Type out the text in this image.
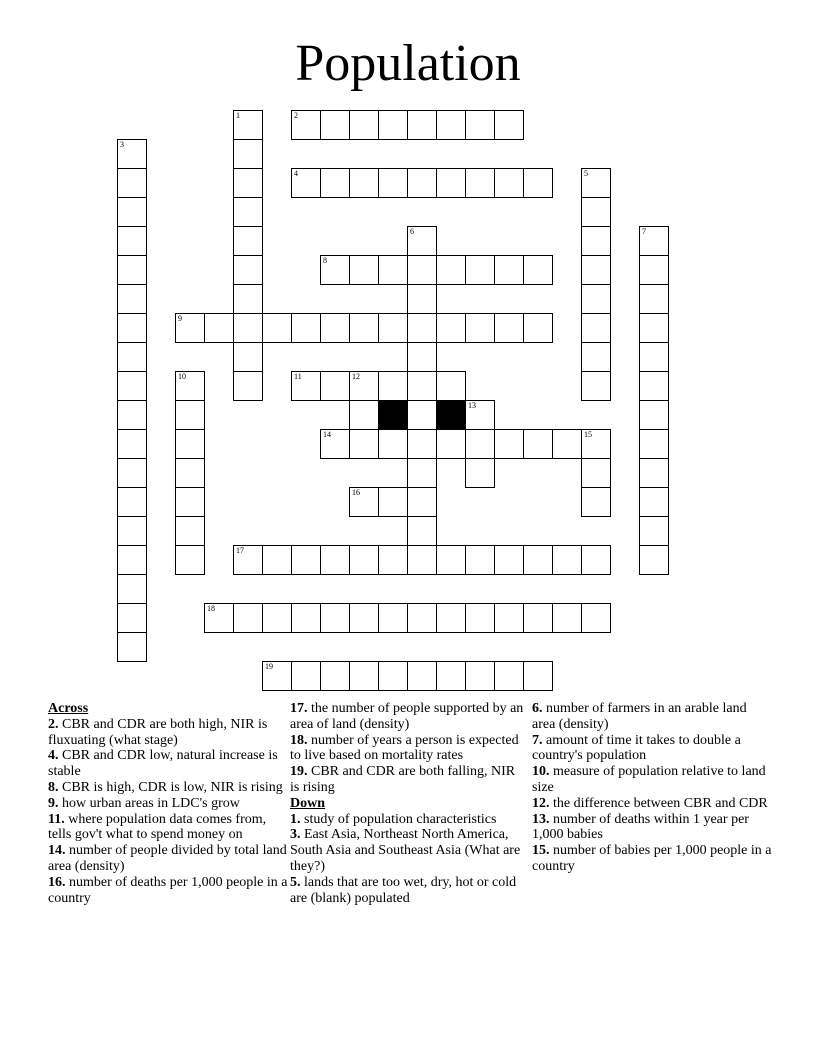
Population
2
4
8
9
11	12
14	15
16
17
18
19
1
3
5
6	7
10
13
Across
2. CBR and CDR are both high, NIR is fluxuating (what stage)
4. CBR and CDR low, natural increase is stable
8. CBR is high, CDR is low, NIR is rising
9. how urban areas in LDC's grow
11. where population data comes from, tells gov't what to spend money on
14. number of people divided by total land area (density)
16. number of deaths per 1,000 people in a country
17. the number of people supported by an area of land (density)
18. number of years a person is expected to live based on mortality rates
19. CBR and CDR are both falling, NIR is rising
Down
1. study of population characteristics
3. East Asia, Northeast North America, South Asia and Southeast Asia (What are they?)
5. lands that are too wet, dry, hot or cold are (blank) populated
6. number of farmers in an arable land area (density)
7. amount of time it takes to double a country's population
10. measure of population relative to land size
12. the difference between CBR and CDR
13. number of deaths within 1 year per 1,000 babies
15. number of babies per 1,000 people in a country
